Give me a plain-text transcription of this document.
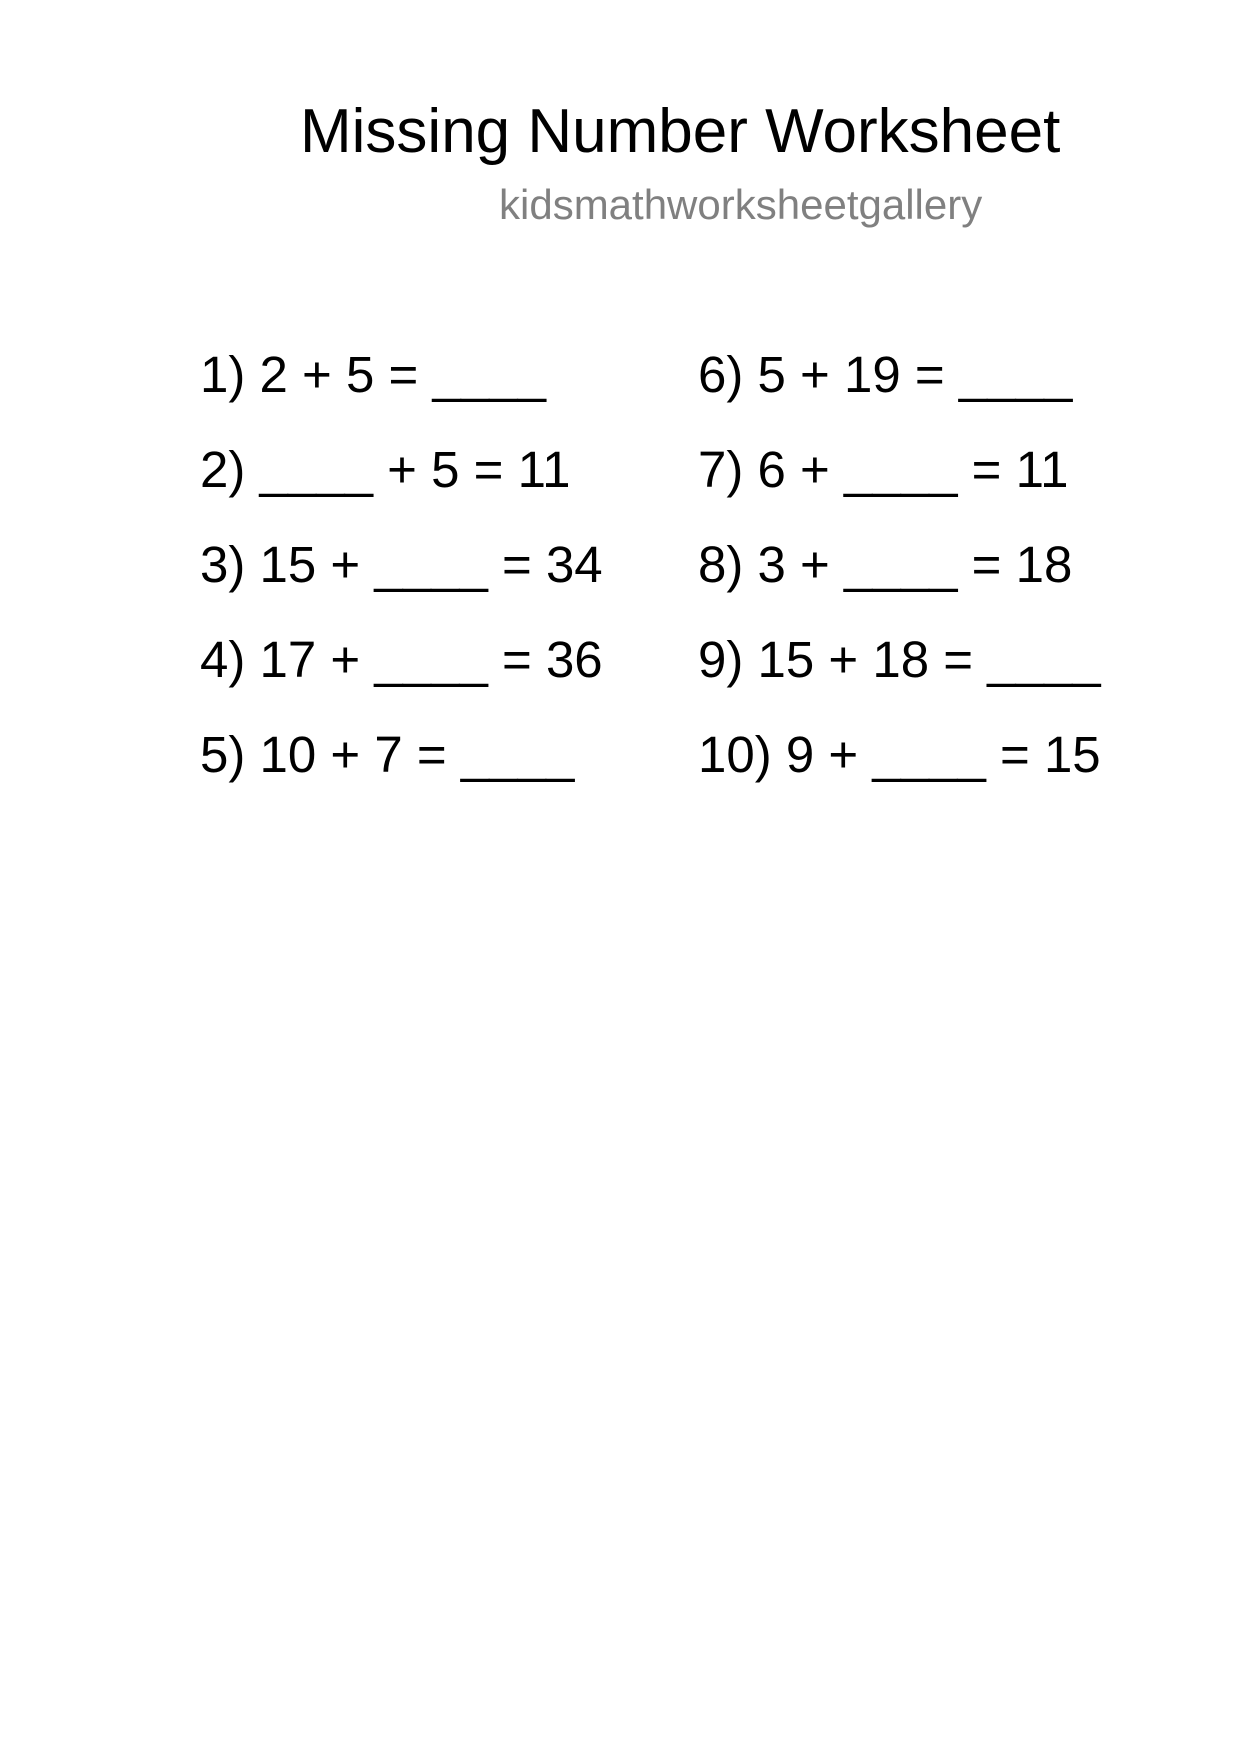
Missing Number Worksheet
kidsmathworksheetgallery
1) 2 + 5 = ____
2) ____ + 5 = 11
3) 15 + ____ = 34
4) 17 + ____ = 36
5) 10 + 7 = ____
6) 5 + 19 = ____
7) 6 + ____ = 11
8) 3 + ____ = 18
9) 15 + 18 = ____
10) 9 + ____ = 15
